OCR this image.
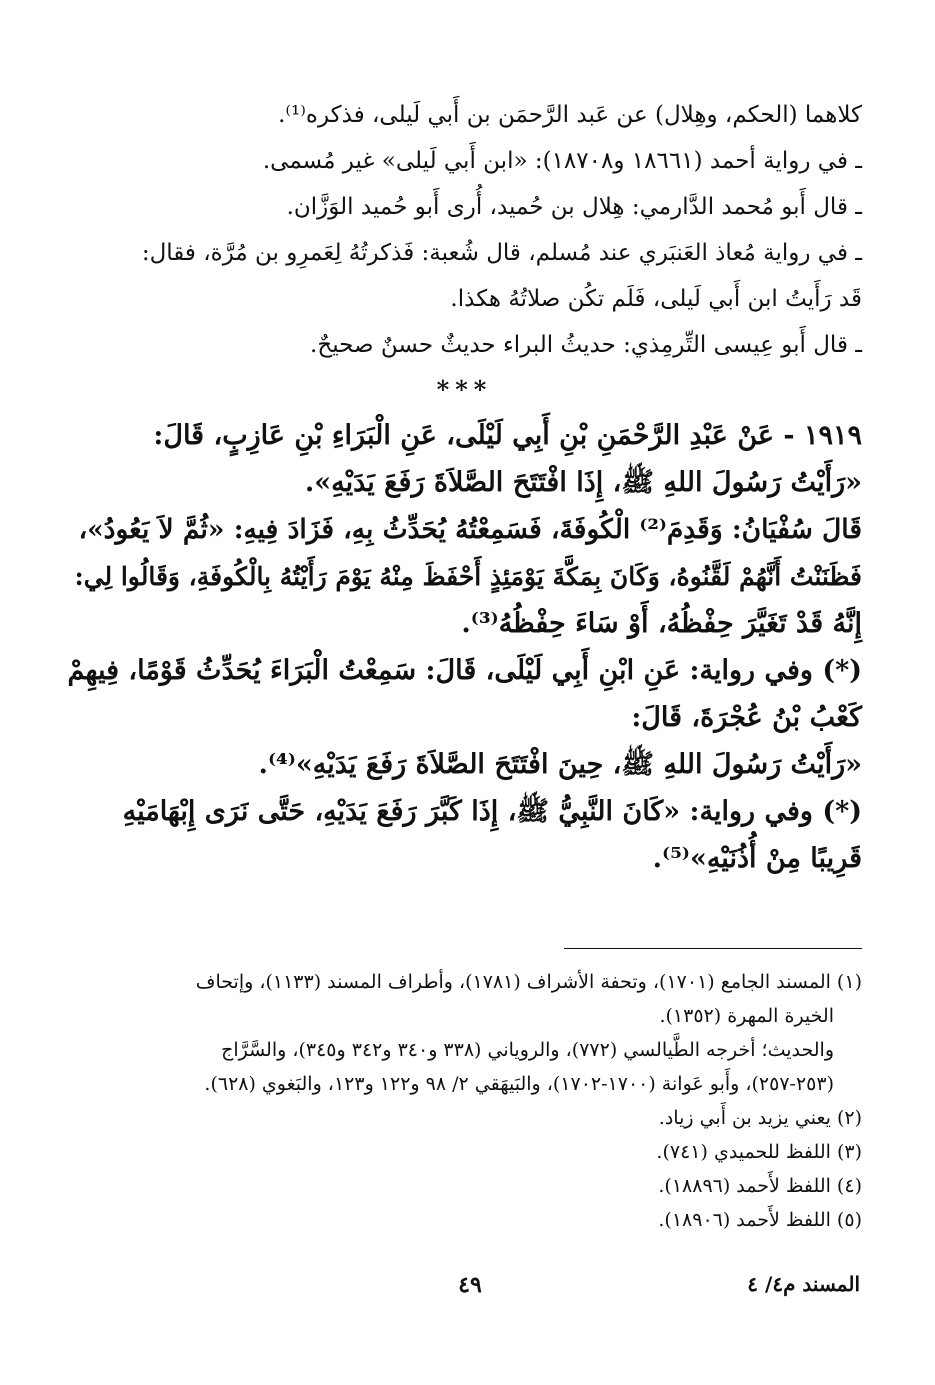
كلاهما (الحكم، وهِلال) عن عَبد الرَّحمَن بن أَبي لَيلى، فذكره⁽¹⁾.
ـ في رواية أحمد (١٨٦٦١ و١٨٧٠٨): «ابن أَبي لَيلى» غير مُسمى.
ـ قال أَبو مُحمد الدَّارمي: هِلال بن حُميد، أُرى أَبو حُميد الوَزَّان.
ـ في رواية مُعاذ العَنبَري عند مُسلم، قال شُعبة: فَذكرتُهُ لِعَمرِو بن مُرَّة، فقال:
قَد رَأَيتُ ابن أَبي لَيلى، فَلَم تكُن صلاتُهُ هكذا.
ـ قال أَبو عِيسى التِّرمِذي: حديثُ البراء حديثٌ حسنٌ صحيحٌ.
***
١٩١٩ - عَنْ عَبْدِ الرَّحْمَنِ بْنِ أَبِي لَيْلَى، عَنِ الْبَرَاءِ بْنِ عَازِبٍ، قَالَ:
«رَأَيْتُ رَسُولَ اللهِ ﷺ، إِذَا افْتَتَحَ الصَّلاَةَ رَفَعَ يَدَيْهِ».
قَالَ سُفْيَانُ: وَقَدِمَ⁽²⁾ الْكُوفَةَ، فَسَمِعْتُهُ يُحَدِّثُ بِهِ، فَزَادَ فِيهِ: «ثُمَّ لاَ يَعُودُ»،
فَظَنَنْتُ أَنَّهُمْ لَقَّنُوهُ، وَكَانَ بِمَكَّةَ يَوْمَئِذٍ أَحْفَظَ مِنْهُ يَوْمَ رَأَيْتُهُ بِالْكُوفَةِ، وَقَالُوا لِي:
إِنَّهُ قَدْ تَغَيَّرَ حِفْظُهُ، أَوْ سَاءَ حِفْظُهُ⁽³⁾.
(*) وفي رواية: عَنِ ابْنِ أَبِي لَيْلَى، قَالَ: سَمِعْتُ الْبَرَاءَ يُحَدِّثُ قَوْمًا، فِيهِمْ
كَعْبُ بْنُ عُجْرَةَ، قَالَ:
«رَأَيْتُ رَسُولَ اللهِ ﷺ، حِينَ افْتَتَحَ الصَّلاَةَ رَفَعَ يَدَيْهِ»⁽⁴⁾.
(*) وفي رواية: «كَانَ النَّبِيُّ ﷺ، إِذَا كَبَّرَ رَفَعَ يَدَيْهِ، حَتَّى نَرَى إِبْهَامَيْهِ
قَرِيبًا مِنْ أُذُنَيْهِ»⁽⁵⁾.
(١) المسند الجامع (١٧٠١)، وتحفة الأشراف (١٧٨١)، وأطراف المسند (١١٣٣)، وإتحاف
الخيرة المهرة (١٣٥٢).
والحديث؛ أخرجه الطَّيالسي (٧٧٢)، والروياني (٣٣٨ و٣٤٠ و٣٤٢ و٣٤٥)، والسَّرَّاج
(٢٥٣-٢٥٧)، وأَبو عَوانة (١٧٠٠-١٧٠٢)، والبَيهَقي ٢/ ٩٨ و١٢٢ و١٢٣، والبَغوي (٦٢٨).
(٢) يعني يزيد بن أَبي زياد.
(٣) اللفظ للحميدي (٧٤١).
(٤) اللفظ لأَحمد (١٨٨٩٦).
(٥) اللفظ لأَحمد (١٨٩٠٦).
٤٩	المسند م٤/ ٤
